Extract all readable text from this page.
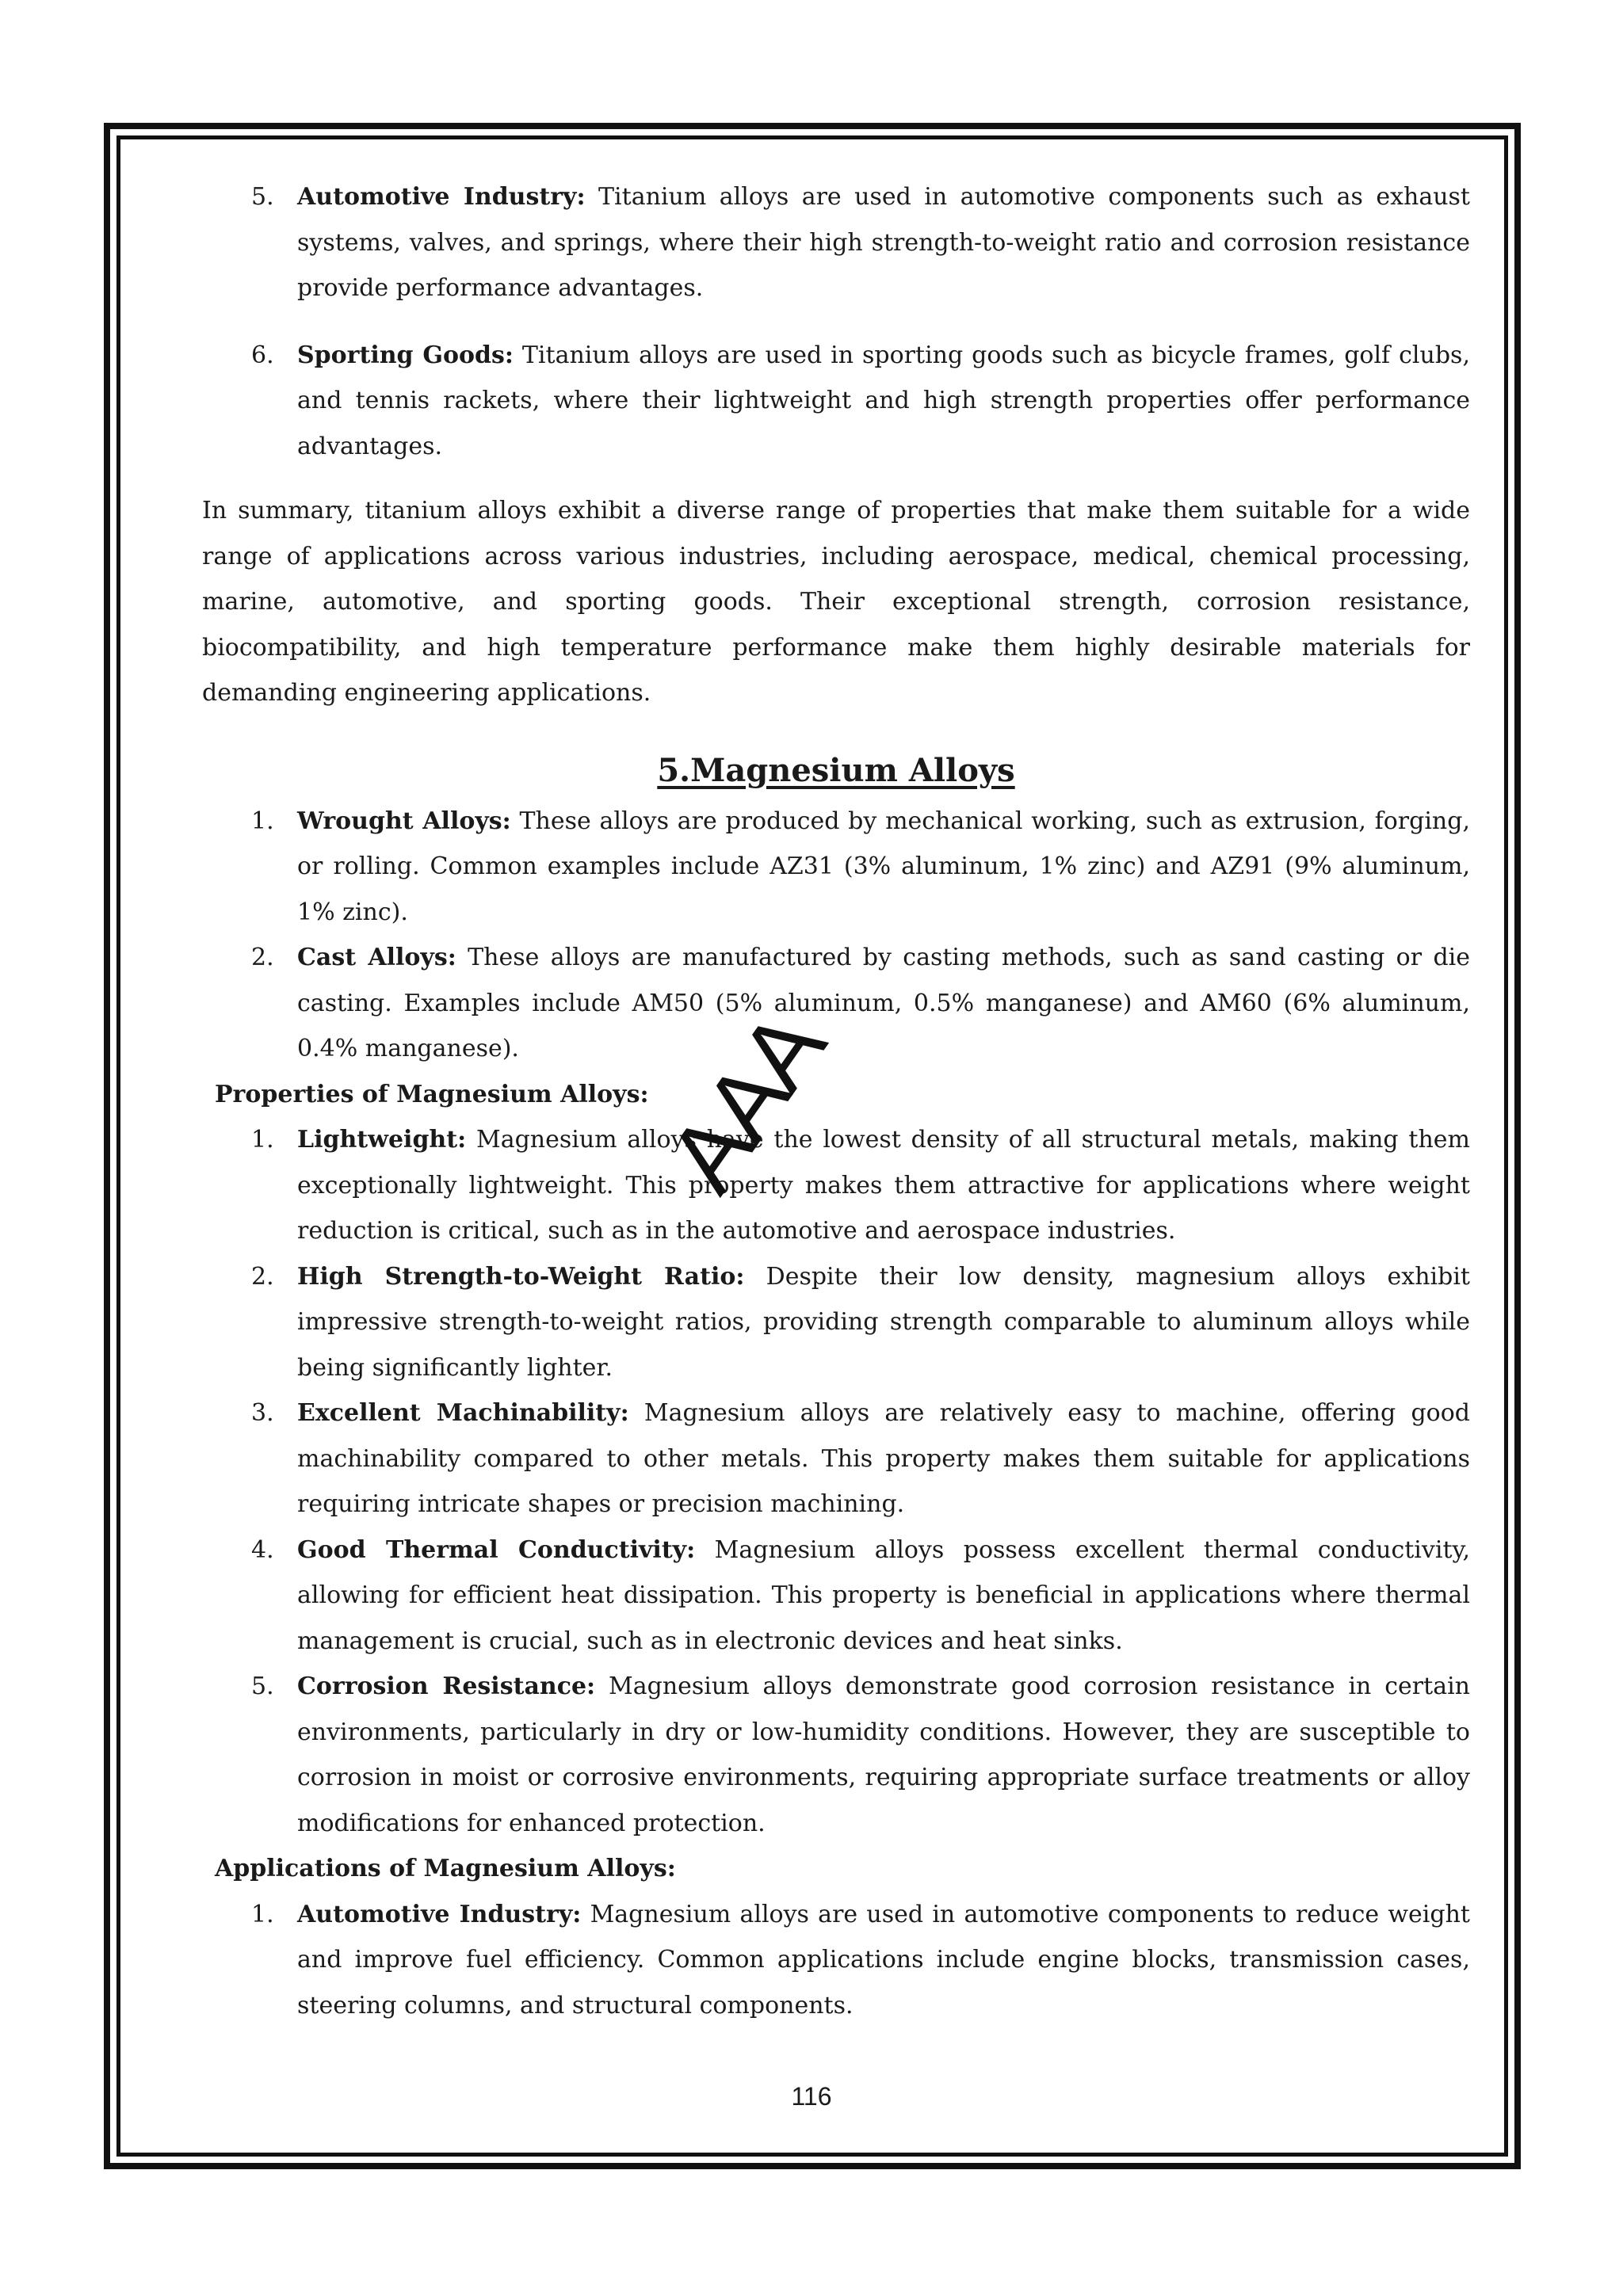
5. Automotive Industry: Titanium alloys are used in automotive components such as exhaust systems, valves, and springs, where their high strength-to-weight ratio and corrosion resistance provide performance advantages.
6. Sporting Goods: Titanium alloys are used in sporting goods such as bicycle frames, golf clubs, and tennis rackets, where their lightweight and high strength properties offer performance advantages.

In summary, titanium alloys exhibit a diverse range of properties that make them suitable for a wide range of applications across various industries, including aerospace, medical, chemical processing, marine, automotive, and sporting goods. Their exceptional strength, corrosion resistance, biocompatibility, and high temperature performance make them highly desirable materials for demanding engineering applications.

5.Magnesium Alloys
1. Wrought Alloys: These alloys are produced by mechanical working, such as extrusion, forging, or rolling. Common examples include AZ31 (3% aluminum, 1% zinc) and AZ91 (9% aluminum, 1% zinc).
2. Cast Alloys: These alloys are manufactured by casting methods, such as sand casting or die casting. Examples include AM50 (5% aluminum, 0.5% manganese) and AM60 (6% aluminum, 0.4% manganese).
Properties of Magnesium Alloys:
1. Lightweight: Magnesium alloys have the lowest density of all structural metals, making them exceptionally lightweight. This property makes them attractive for applications where weight reduction is critical, such as in the automotive and aerospace industries.
2. High Strength-to-Weight Ratio: Despite their low density, magnesium alloys exhibit impressive strength-to-weight ratios, providing strength comparable to aluminum alloys while being significantly lighter.
3. Excellent Machinability: Magnesium alloys are relatively easy to machine, offering good machinability compared to other metals. This property makes them suitable for applications requiring intricate shapes or precision machining.
4. Good Thermal Conductivity: Magnesium alloys possess excellent thermal conductivity, allowing for efficient heat dissipation. This property is beneficial in applications where thermal management is crucial, such as in electronic devices and heat sinks.
5. Corrosion Resistance: Magnesium alloys demonstrate good corrosion resistance in certain environments, particularly in dry or low-humidity conditions. However, they are susceptible to corrosion in moist or corrosive environments, requiring appropriate surface treatments or alloy modifications for enhanced protection.
Applications of Magnesium Alloys:
1. Automotive Industry: Magnesium alloys are used in automotive components to reduce weight and improve fuel efficiency. Common applications include engine blocks, transmission cases, steering columns, and structural components.
AAA
116
